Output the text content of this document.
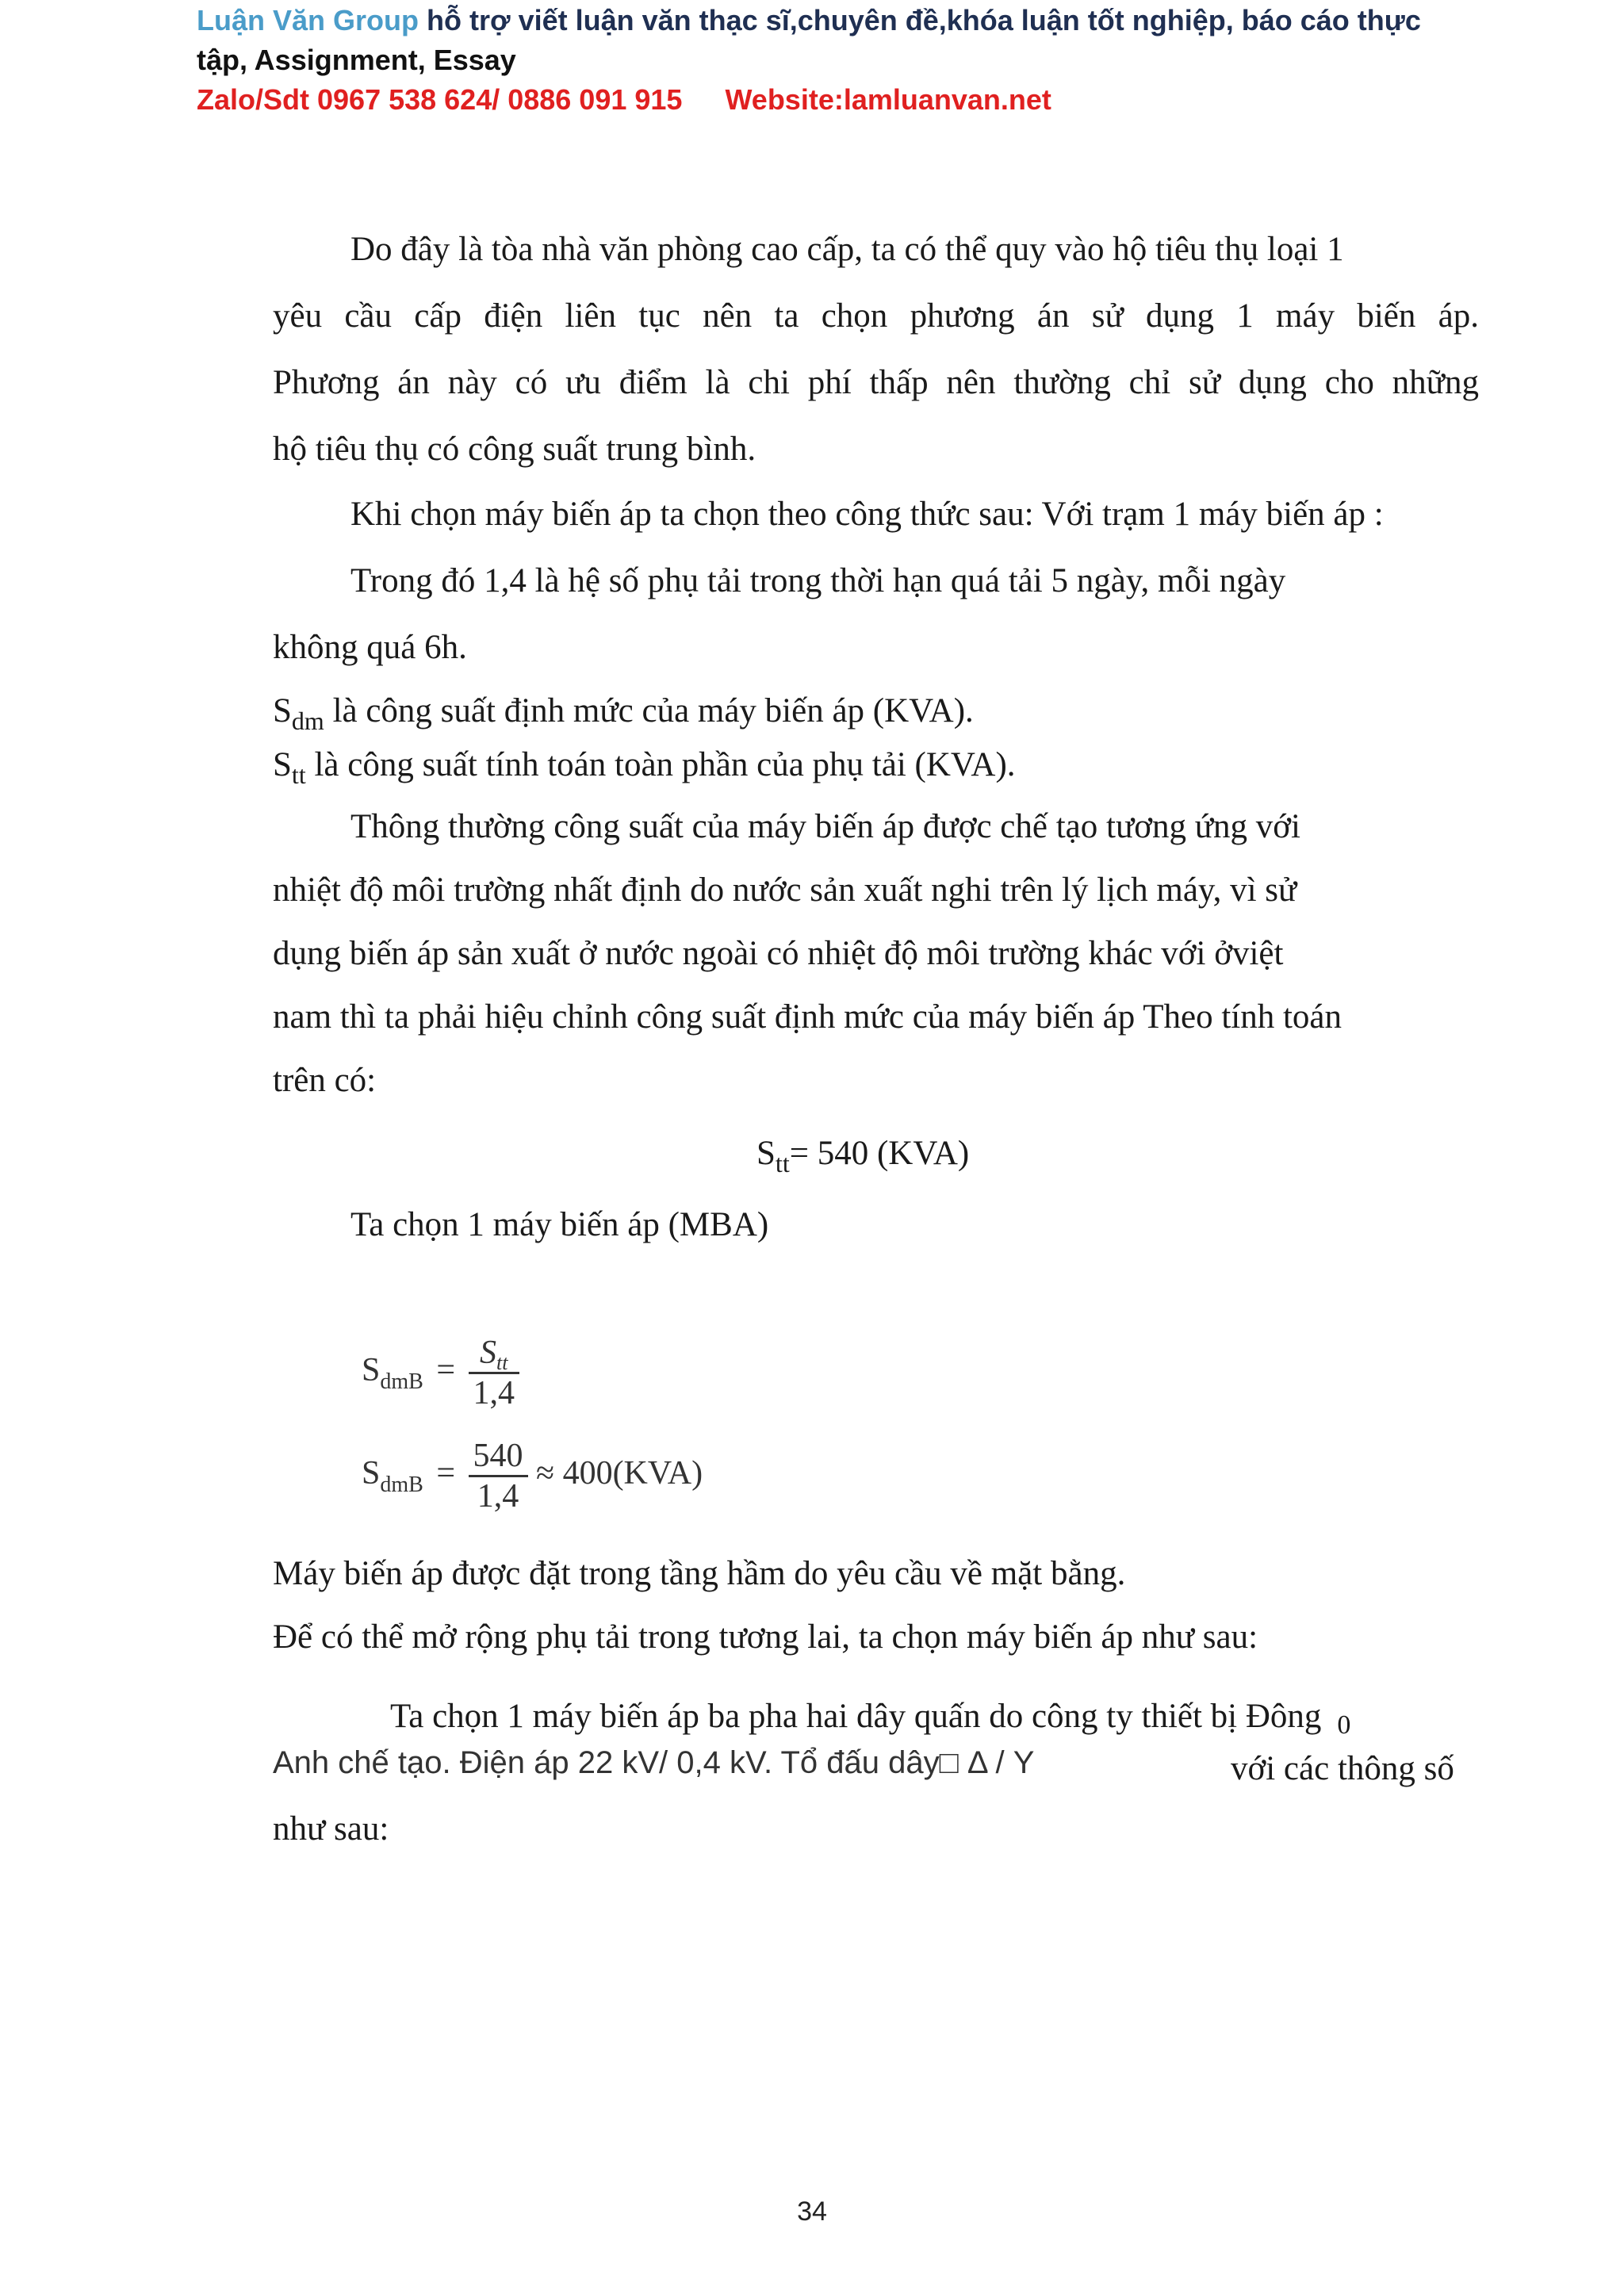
Luận Văn Group hỗ trợ viết luận văn thạc sĩ,chuyên đề,khóa luận tốt nghiệp, báo cáo thực
tập, Assignment, Essay
Zalo/Sdt 0967 538 624/ 0886 091 915 Website:lamluanvan.net
Do đây là tòa nhà văn phòng cao cấp, ta có thể quy vào hộ tiêu thụ loại 1
yêu cầu cấp điện liên tục nên ta chọn phương án sử dụng 1 máy biến áp.
Phương án này có ưu điểm là chi phí thấp nên thường chỉ sử dụng cho những
hộ tiêu thụ có công suất trung bình.
Khi chọn máy biến áp ta chọn theo công thức sau: Với trạm 1 máy biến áp :
Trong đó 1,4 là hệ số phụ tải trong thời hạn quá tải 5 ngày, mỗi ngày
không quá 6h.
$S_{dm}$ là công suất định mức của máy biến áp (KVA).
$S_{tt}$ là công suất tính toán toàn phần của phụ tải (KVA).
Thông thường công suất của máy biến áp được chế tạo tương ứng với
nhiệt độ môi trường nhất định do nước sản xuất nghi trên lý lịch máy, vì sử
dụng biến áp sản xuất ở nước ngoài có nhiệt độ môi trường khác với ởviệt
nam thì ta phải hiệu chỉnh công suất định mức của máy biến áp Theo tính toán
trên có:
$S_{tt}= 540$ (KVA)
Ta chọn 1 máy biến áp (MBA)
$S_{dmB} = \frac{\text{Stt}}{1,4}$
$S_{dmB} = \frac{540}{1,4} \approx 400(KVA)$
Máy biến áp được đặt trong tầng hầm do yêu cầu về mặt bằng.
Để có thể mở rộng phụ tải trong tương lai, ta chọn máy biến áp như sau:
Ta chọn 1 máy biến áp ba pha hai dây quấn do công ty thiết bị Đông 0
Anh chế tạo. Điện áp 22 kV/ 0,4 kV. Tổ đấu dây□ Δ / Y	với các thông số
như sau:
34
